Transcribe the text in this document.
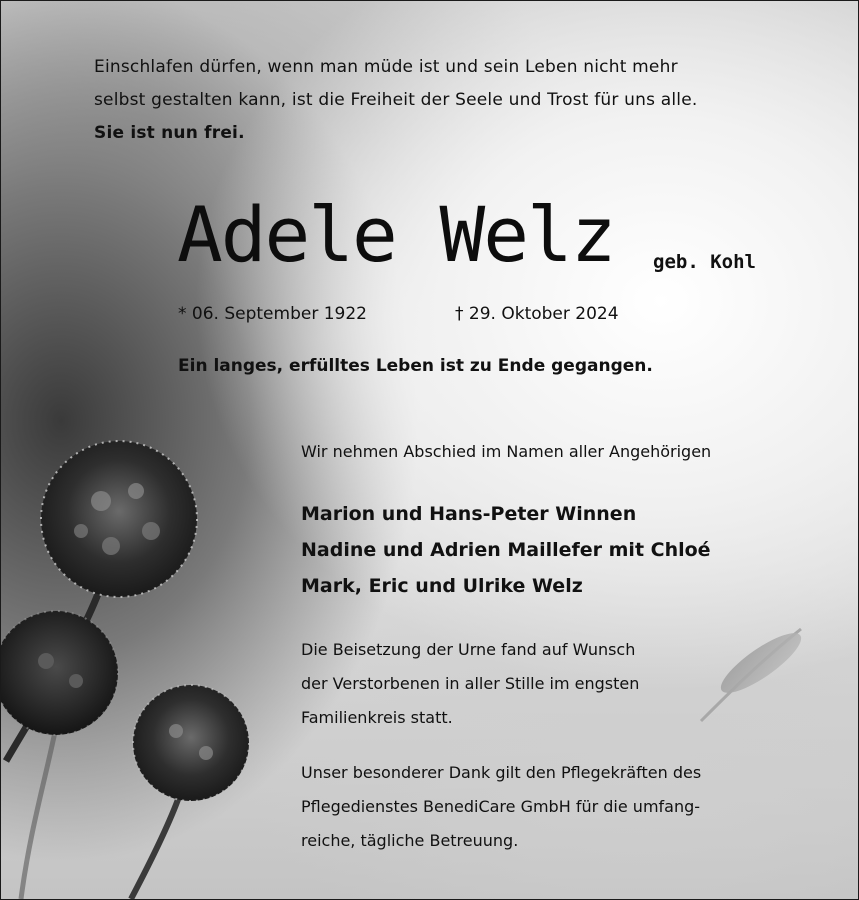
Einschlafen dürfen, wenn man müde ist und sein Leben nicht mehr
selbst gestalten kann, ist die Freiheit der Seele und Trost für uns alle.
Sie ist nun frei.

Adele Welz geb. Kohl
* 06. September 1922	† 29. Oktober 2024

Ein langes, erfülltes Leben ist zu Ende gegangen.

Wir nehmen Abschied im Namen aller Angehörigen

Marion und Hans-Peter Winnen
Nadine und Adrien Maillefer mit Chloé
Mark, Eric und Ulrike Welz

Die Beisetzung der Urne fand auf Wunsch
der Verstorbenen in aller Stille im engsten
Familienkreis statt.

Unser besonderer Dank gilt den Pflegekräften des
Pflegedienstes BenediCare GmbH für die umfang-
reiche, tägliche Betreuung.
